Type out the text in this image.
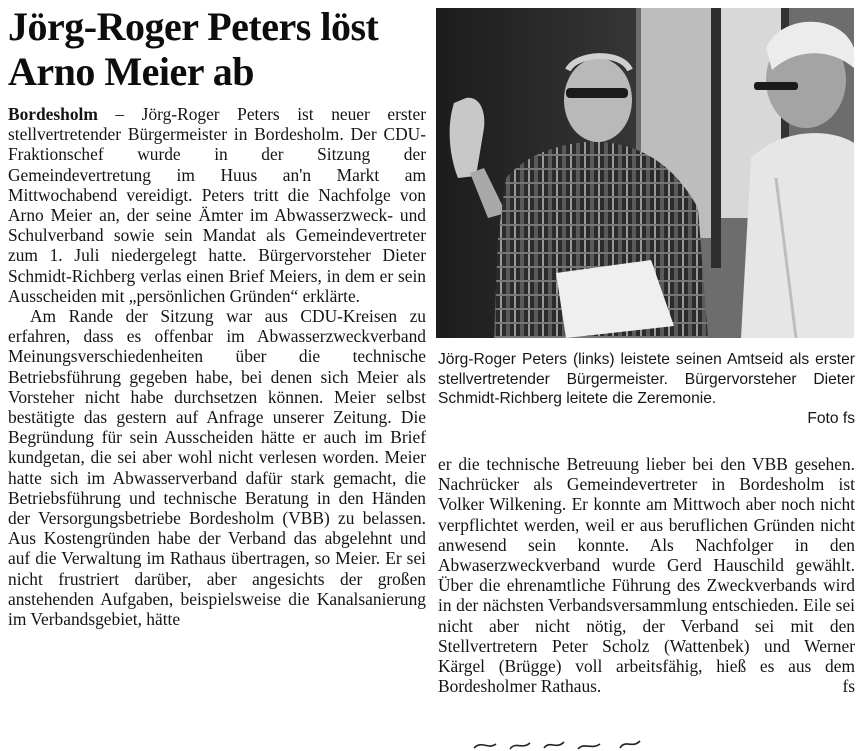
Jörg-Roger Peters löst Arno Meier ab

Bordesholm – Jörg-Roger Peters ist neuer erster stellvertretender Bürgermeister in Bordesholm. Der CDU-Fraktionschef wurde in der Sitzung der Gemeindevertretung im Huus an'n Markt am Mittwochabend vereidigt. Peters tritt die Nachfolge von Arno Meier an, der seine Ämter im Abwasserzweck- und Schulverband sowie sein Mandat als Gemeindevertreter zum 1. Juli niedergelegt hatte. Bürgervorsteher Dieter Schmidt-Richberg verlas einen Brief Meiers, in dem er sein Ausscheiden mit „persönlichen Gründen“ erklärte.

Am Rande der Sitzung war aus CDU-Kreisen zu erfahren, dass es offenbar im Abwasserzweckverband Meinungsverschiedenheiten über die technische Betriebsführung gegeben habe, bei denen sich Meier als Vorsteher nicht habe durchsetzen können. Meier selbst bestätigte das gestern auf Anfrage unserer Zeitung. Die Begründung für sein Ausscheiden hätte er auch im Brief kundgetan, die sei aber wohl nicht verlesen worden. Meier hatte sich im Abwasserverband dafür stark gemacht, die Betriebsführung und technische Beratung in den Händen der Versorgungsbetriebe Bordesholm (VBB) zu belassen. Aus Kostengründen habe der Verband das abgelehnt und auf die Verwaltung im Rathaus übertragen, so Meier. Er sei nicht frustriert darüber, aber angesichts der großen anstehenden Aufgaben, beispielsweise die Kanalsanierung im Verbandsgebiet, hätte

Jörg-Roger Peters (links) leistete seinen Amtseid als erster stellvertretender Bürgermeister. Bürgervorsteher Dieter Schmidt-Richberg leitete die Zeremonie.
Foto fs

er die technische Betreuung lieber bei den VBB gesehen. Nachrücker als Gemeindevertreter in Bordesholm ist Volker Wilkening. Er konnte am Mittwoch aber noch nicht verpflichtet werden, weil er aus beruflichen Gründen nicht anwesend sein konnte. Als Nachfolger in den Abwaserzweckverband wurde Gerd Hauschild gewählt. Über die ehrenamtliche Führung des Zweckverbands wird in der nächsten Verbandsversammlung entschieden. Eile sei nicht aber nicht nötig, der Verband sei mit den Stellvertretern Peter Scholz (Wattenbek) und Werner Kärgel (Brügge) voll arbeitsfähig, hieß es aus dem Bordesholmer Rathaus.	fs
